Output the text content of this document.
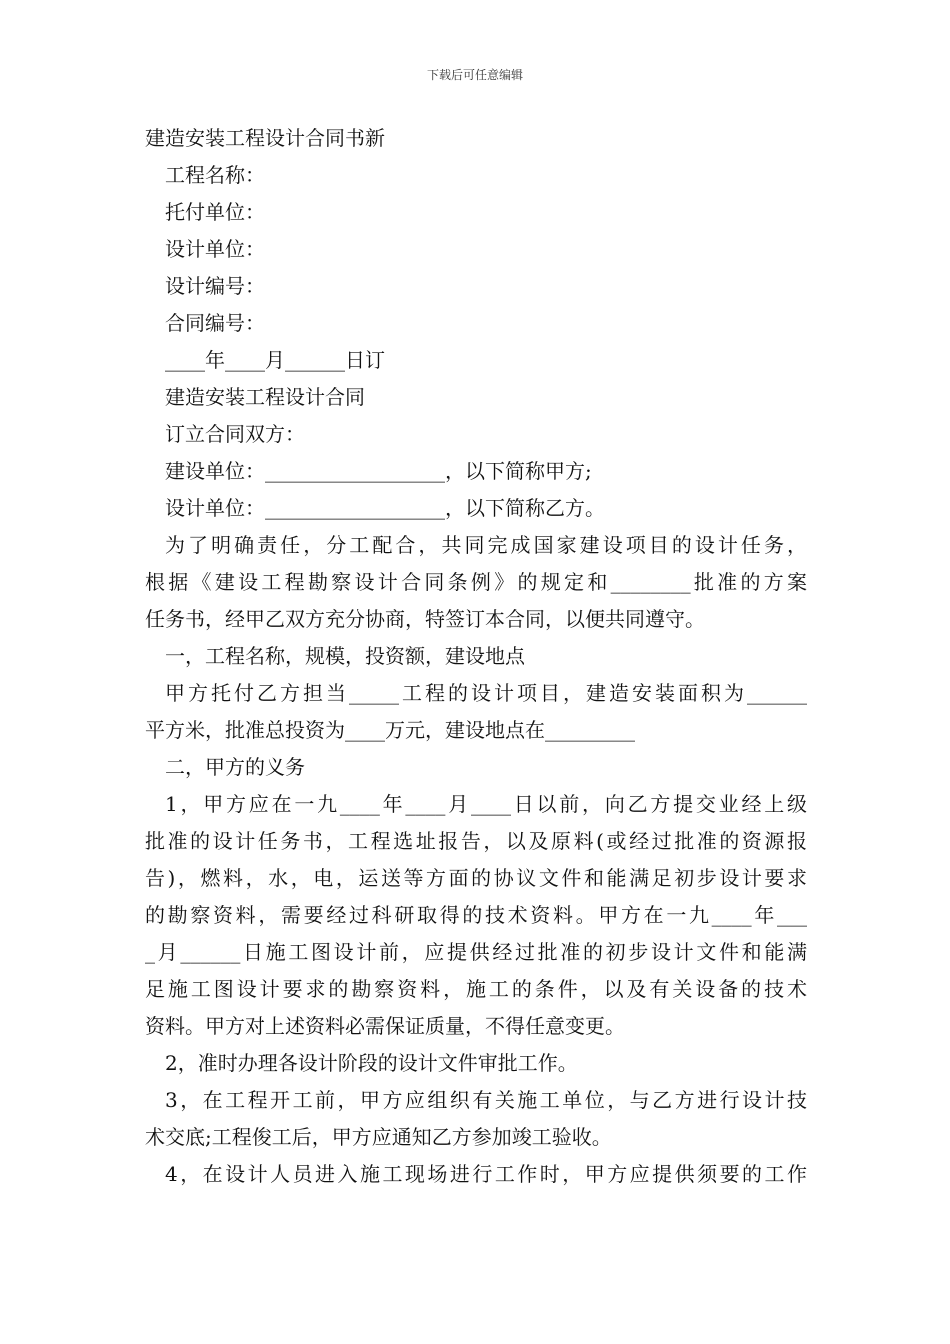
下载后可任意编辑
建造安装工程设计合同书新
工程名称：
托付单位：
设计单位：
设计编号：
合同编号：
____年____月______日订
建造安装工程设计合同
订立合同双方：
建设单位：__________________，以下简称甲方;
设计单位：__________________，以下简称乙方。
为了明确责任，分工配合，共同完成国家建设项目的设计任务，
根据《建设工程勘察设计合同条例》的规定和________批准的方案
任务书，经甲乙双方充分协商，特签订本合同，以便共同遵守。
一，工程名称，规模，投资额，建设地点
甲方托付乙方担当_____工程的设计项目，建造安装面积为______
平方米，批准总投资为____万元，建设地点在_________
二，甲方的义务
1，甲方应在一九____年____月____日以前，向乙方提交业经上级
批准的设计任务书，工程选址报告，以及原料(或经过批准的资源报
告)，燃料，水，电，运送等方面的协议文件和能满足初步设计要求
的勘察资料，需要经过科研取得的技术资料。甲方在一九____年___
_月______日施工图设计前，应提供经过批准的初步设计文件和能满
足施工图设计要求的勘察资料，施工的条件，以及有关设备的技术
资料。甲方对上述资料必需保证质量，不得任意变更。
2，准时办理各设计阶段的设计文件审批工作。
3，在工程开工前，甲方应组织有关施工单位，与乙方进行设计技
术交底;工程俊工后，甲方应通知乙方参加竣工验收。
4，在设计人员进入施工现场进行工作时，甲方应提供须要的工作
